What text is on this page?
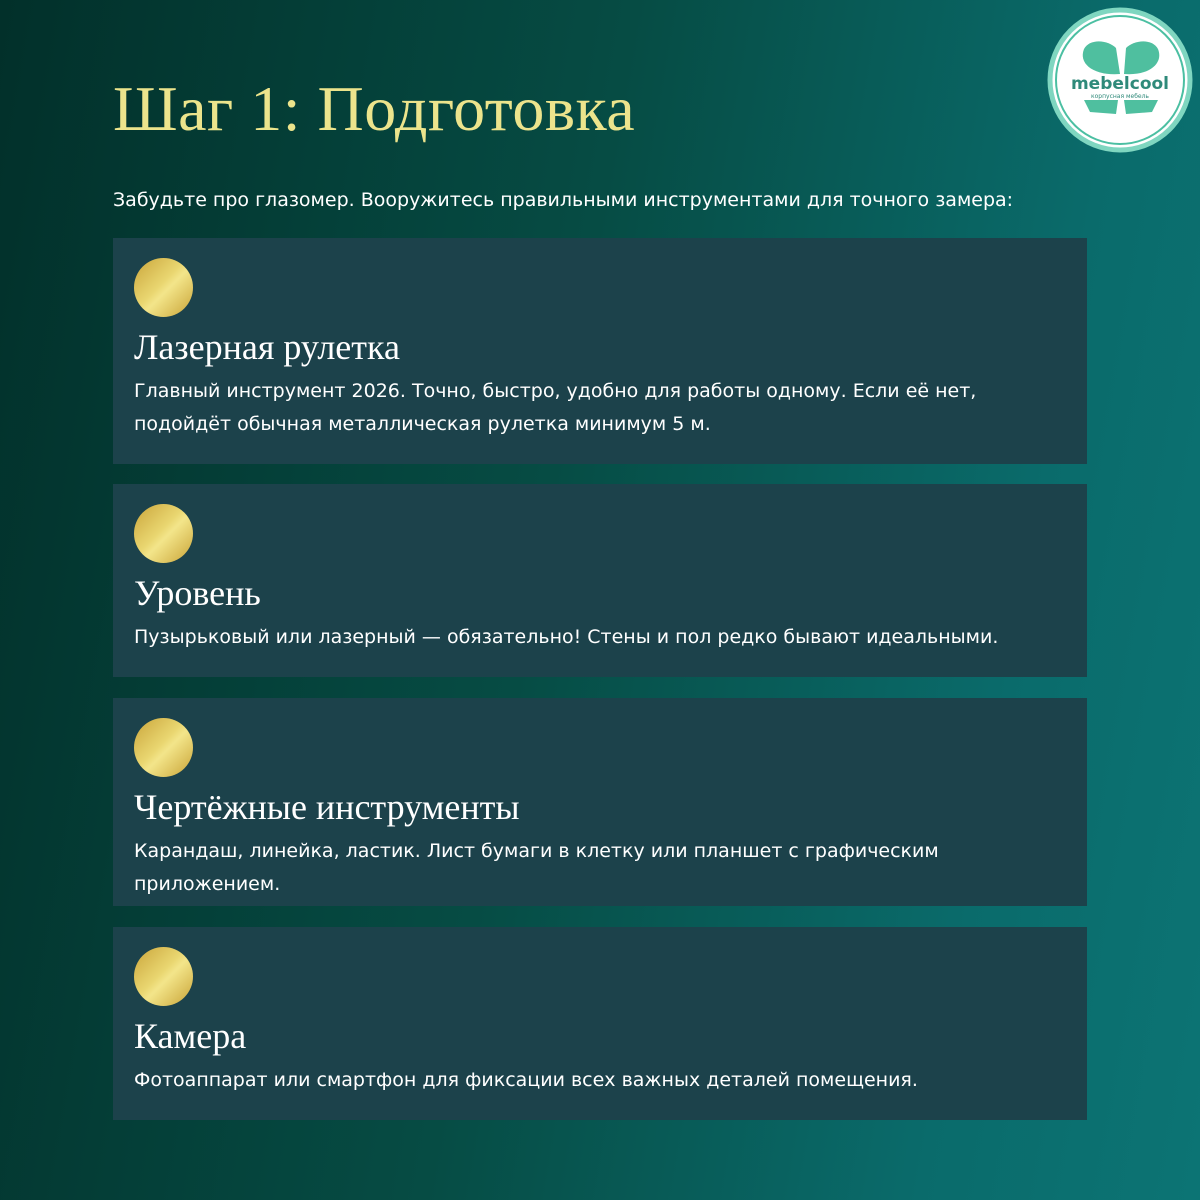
mebelcool
корпусная мебель
Шаг 1: Подготовка
Забудьте про глазомер. Вооружитесь правильными инструментами для точного замера:
Лазерная рулетка
Главный инструмент 2026. Точно, быстро, удобно для работы одному. Если её нет, подойдёт обычная металлическая рулетка минимум 5 м.
Уровень
Пузырьковый или лазерный — обязательно! Стены и пол редко бывают идеальными.
Чертёжные инструменты
Карандаш, линейка, ластик. Лист бумаги в клетку или планшет с графическим приложением.
Камера
Фотоаппарат или смартфон для фиксации всех важных деталей помещения.
